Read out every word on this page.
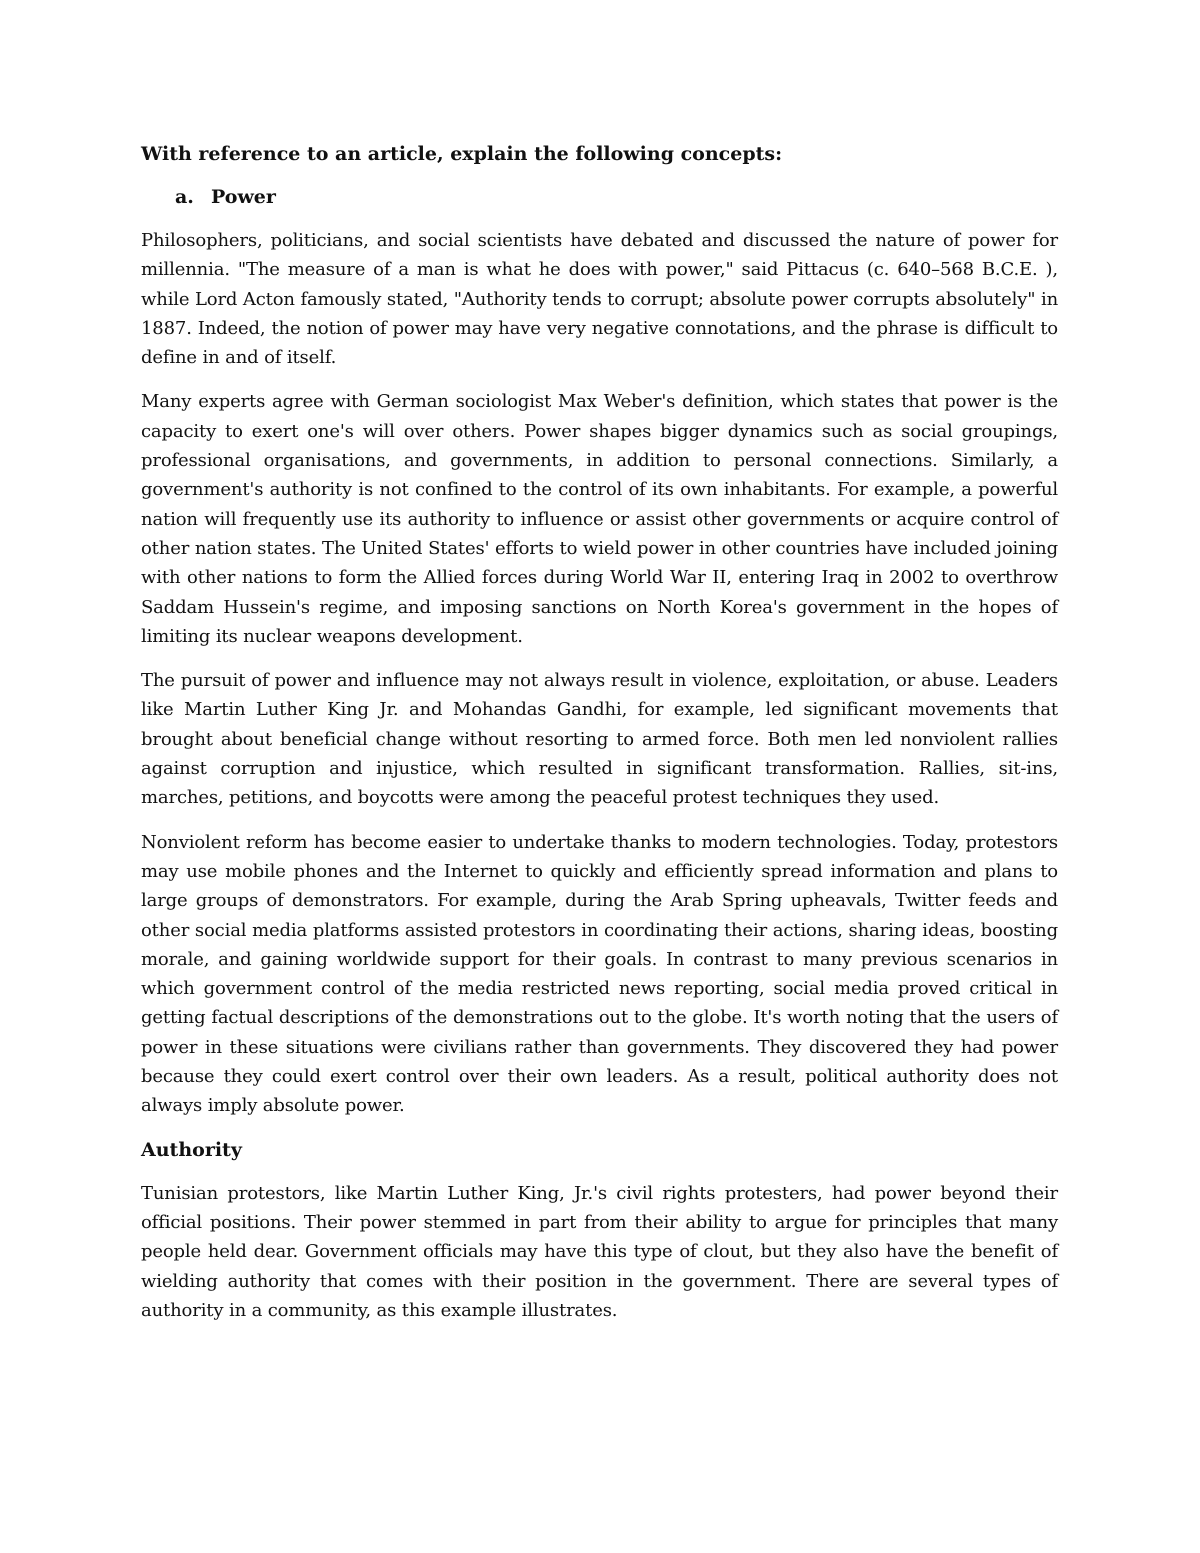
With reference to an article, explain the following concepts:

a. Power

Philosophers, politicians, and social scientists have debated and discussed the nature of power for millennia. "The measure of a man is what he does with power," said Pittacus (c. 640–568 B.C.E. ), while Lord Acton famously stated, "Authority tends to corrupt; absolute power corrupts absolutely" in 1887. Indeed, the notion of power may have very negative connotations, and the phrase is difficult to define in and of itself.

Many experts agree with German sociologist Max Weber's definition, which states that power is the capacity to exert one's will over others. Power shapes bigger dynamics such as social groupings, professional organisations, and governments, in addition to personal connections. Similarly, a government's authority is not confined to the control of its own inhabitants. For example, a powerful nation will frequently use its authority to influence or assist other governments or acquire control of other nation states. The United States' efforts to wield power in other countries have included joining with other nations to form the Allied forces during World War II, entering Iraq in 2002 to overthrow Saddam Hussein's regime, and imposing sanctions on North Korea's government in the hopes of limiting its nuclear weapons development.

The pursuit of power and influence may not always result in violence, exploitation, or abuse. Leaders like Martin Luther King Jr. and Mohandas Gandhi, for example, led significant movements that brought about beneficial change without resorting to armed force. Both men led nonviolent rallies against corruption and injustice, which resulted in significant transformation. Rallies, sit-ins, marches, petitions, and boycotts were among the peaceful protest techniques they used.

Nonviolent reform has become easier to undertake thanks to modern technologies. Today, protestors may use mobile phones and the Internet to quickly and efficiently spread information and plans to large groups of demonstrators. For example, during the Arab Spring upheavals, Twitter feeds and other social media platforms assisted protestors in coordinating their actions, sharing ideas, boosting morale, and gaining worldwide support for their goals. In contrast to many previous scenarios in which government control of the media restricted news reporting, social media proved critical in getting factual descriptions of the demonstrations out to the globe. It's worth noting that the users of power in these situations were civilians rather than governments. They discovered they had power because they could exert control over their own leaders. As a result, political authority does not always imply absolute power.

Authority

Tunisian protestors, like Martin Luther King, Jr.'s civil rights protesters, had power beyond their official positions. Their power stemmed in part from their ability to argue for principles that many people held dear. Government officials may have this type of clout, but they also have the benefit of wielding authority that comes with their position in the government. There are several types of authority in a community, as this example illustrates.
